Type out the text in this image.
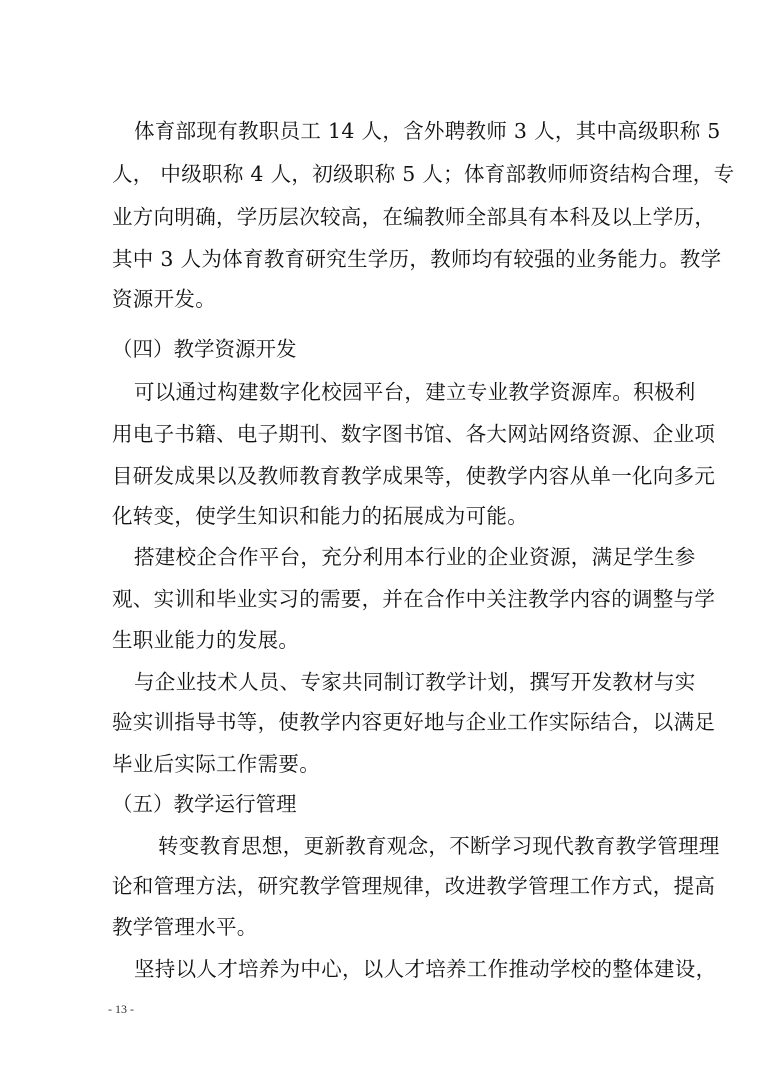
体育部现有教职员工 14 人，含外聘教师 3 人，其中高级职称 5
人， 中级职称 4 人，初级职称 5 人；体育部教师师资结构合理，专
业方向明确，学历层次较高，在编教师全部具有本科及以上学历，
其中 3 人为体育教育研究生学历，教师均有较强的业务能力。教学
资源开发。
（四）教学资源开发
可以通过构建数字化校园平台，建立专业教学资源库。积极利
用电子书籍、电子期刊、数字图书馆、各大网站网络资源、企业项
目研发成果以及教师教育教学成果等，使教学内容从单一化向多元
化转变，使学生知识和能力的拓展成为可能。
搭建校企合作平台，充分利用本行业的企业资源，满足学生参
观、实训和毕业实习的需要，并在合作中关注教学内容的调整与学
生职业能力的发展。
与企业技术人员、专家共同制订教学计划，撰写开发教材与实
验实训指导书等，使教学内容更好地与企业工作实际结合，以满足
毕业后实际工作需要。
（五）教学运行管理
转变教育思想，更新教育观念，不断学习现代教育教学管理理
论和管理方法，研究教学管理规律，改进教学管理工作方式，提高
教学管理水平。
坚持以人才培养为中心，以人才培养工作推动学校的整体建设，
- 13 -
